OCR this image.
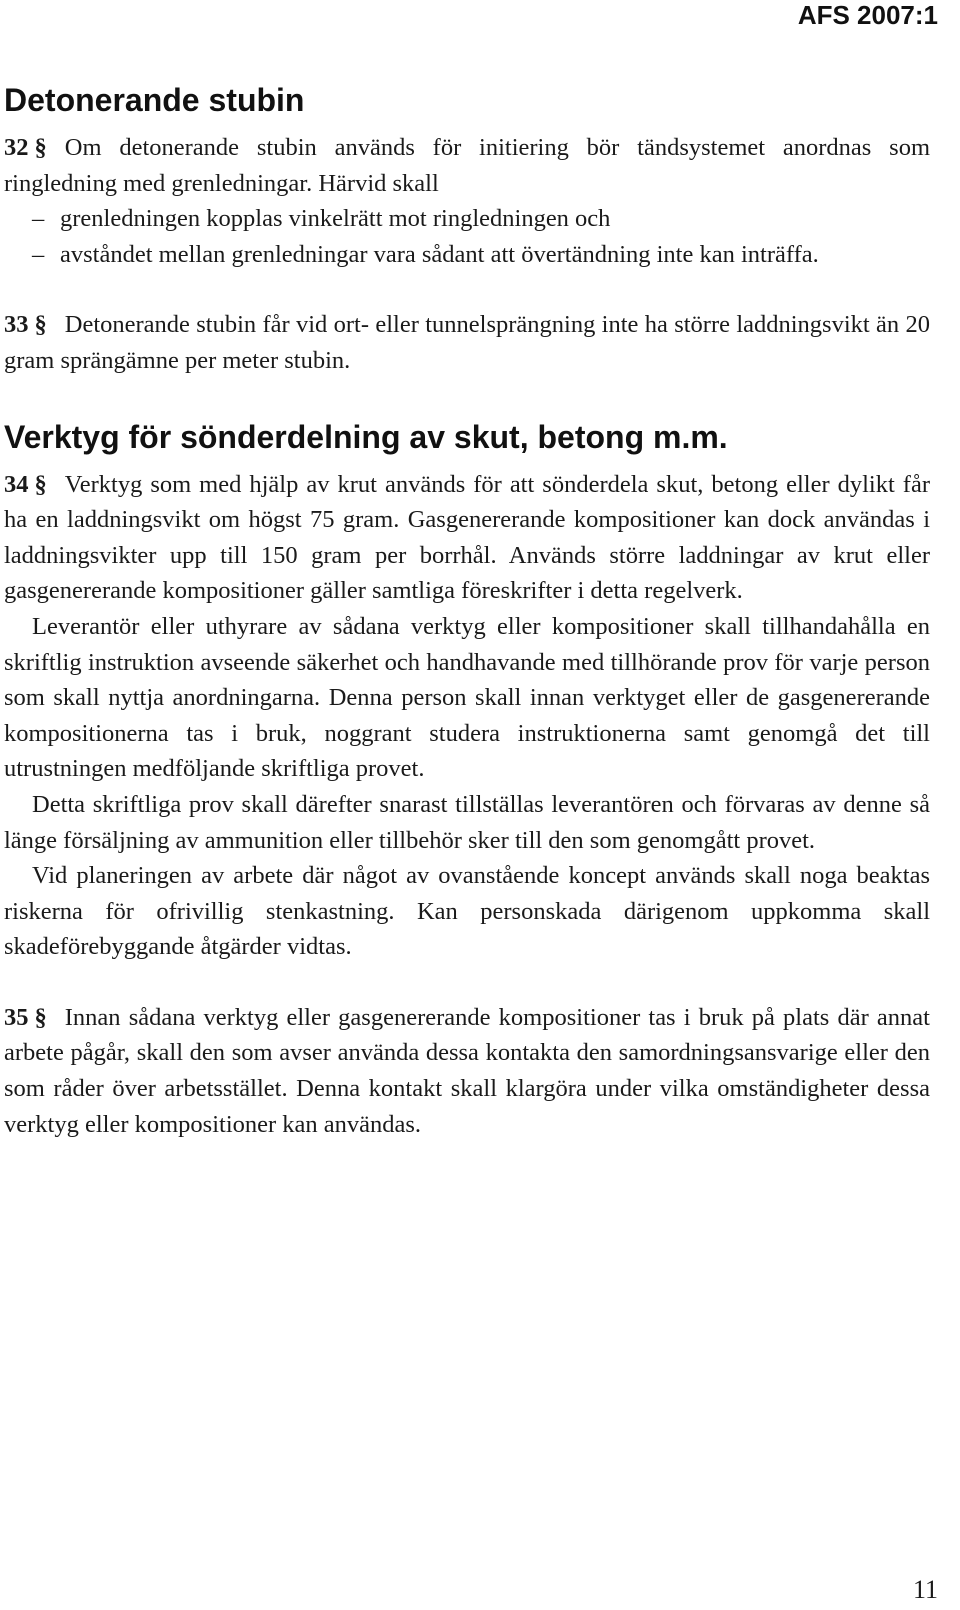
AFS 2007:1
Detonerande stubin

32 § Om detonerande stubin används för initiering bör tändsystemet anordnas som ringledning med grenledningar. Härvid skall

– grenledningen kopplas vinkelrätt mot ringledningen och
– avståndet mellan grenledningar vara sådant att övertändning inte kan inträffa.

33 § Detonerande stubin får vid ort- eller tunnelsprängning inte ha större laddningsvikt än 20 gram sprängämne per meter stubin.

Verktyg för sönderdelning av skut, betong m.m.

34 § Verktyg som med hjälp av krut används för att sönderdela skut, betong eller dylikt får ha en laddningsvikt om högst 75 gram. Gasgenererande kompositioner kan dock användas i laddningsvikter upp till 150 gram per borrhål. Används större laddningar av krut eller gasgenererande kompositioner gäller samtliga föreskrifter i detta regelverk.

Leverantör eller uthyrare av sådana verktyg eller kompositioner skall tillhandahålla en skriftlig instruktion avseende säkerhet och handhavande med tillhörande prov för varje person som skall nyttja anordningarna. Denna person skall innan verktyget eller de gasgenererande kompositionerna tas i bruk, noggrant studera instruktionerna samt genomgå det till utrustningen medföljande skriftliga provet.

Detta skriftliga prov skall därefter snarast tillställas leverantören och förvaras av denne så länge försäljning av ammunition eller tillbehör sker till den som genomgått provet.

Vid planeringen av arbete där något av ovanstående koncept används skall noga beaktas riskerna för ofrivillig stenkastning. Kan personskada därigenom uppkomma skall skadeförebyggande åtgärder vidtas.

35 § Innan sådana verktyg eller gasgenererande kompositioner tas i bruk på plats där annat arbete pågår, skall den som avser använda dessa kontakta den samordningsansvarige eller den som råder över arbetsstället. Denna kontakt skall klargöra under vilka omständigheter dessa verktyg eller kompositioner kan användas.

11
